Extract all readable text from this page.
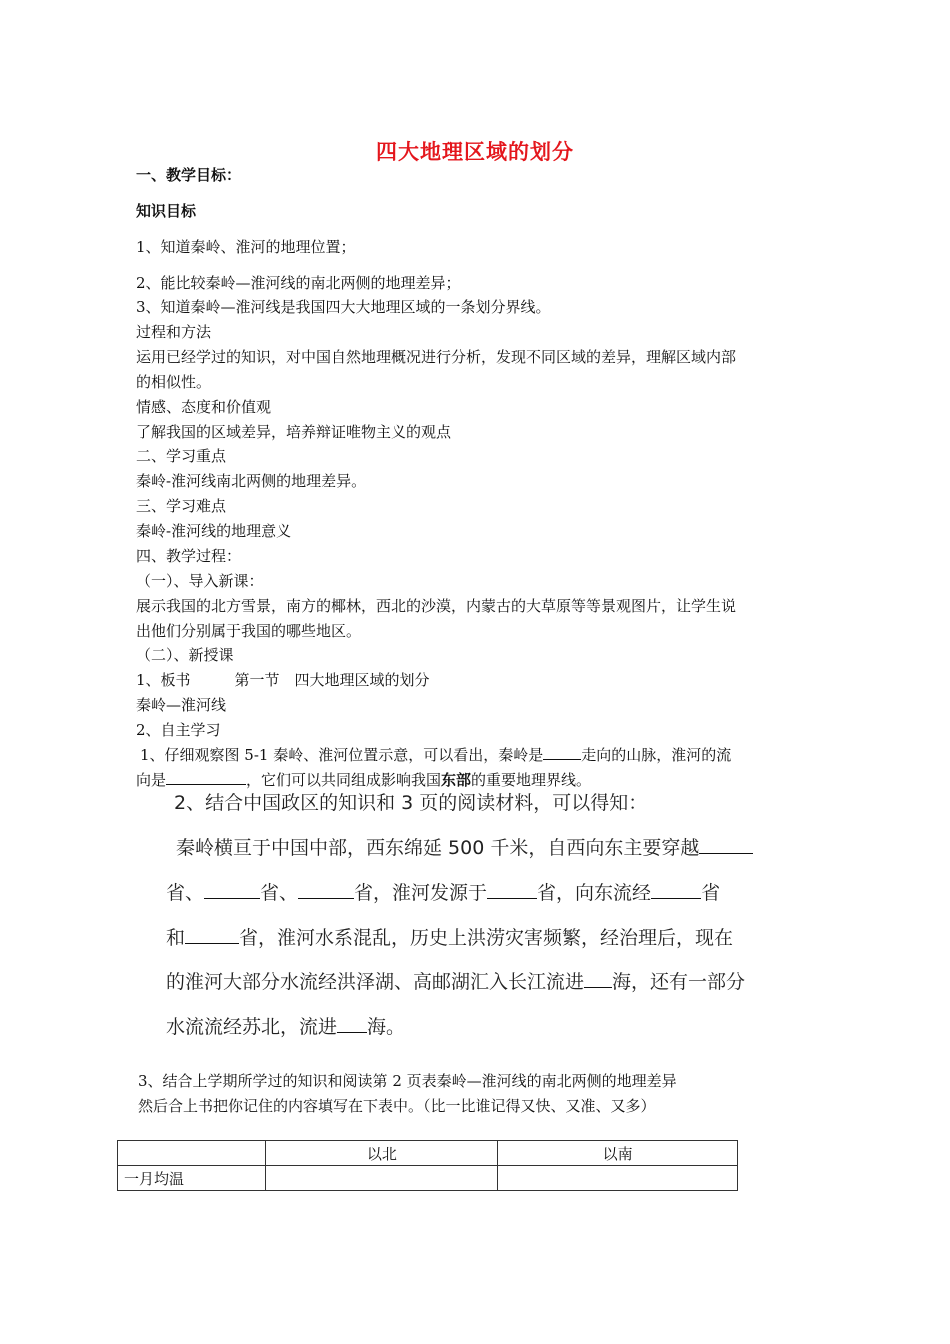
四大地理区域的划分
一、教学目标：
知识目标
1、知道秦岭、淮河的地理位置；
2、能比较秦岭—淮河线的南北两侧的地理差异；
3、知道秦岭—淮河线是我国四大大地理区域的一条划分界线。
过程和方法
运用已经学过的知识，对中国自然地理概况进行分析，发现不同区域的差异，理解区域内部
的相似性。
情感、态度和价值观
了解我国的区域差异，培养辩证唯物主义的观点
二、学习重点
秦岭-淮河线南北两侧的地理差异。
三、学习难点
秦岭-淮河线的地理意义
四、教学过程：
（一）、导入新课：
展示我国的北方雪景，南方的椰林，西北的沙漠，内蒙古的大草原等等景观图片，让学生说
出他们分别属于我国的哪些地区。
（二）、新授课
1、板书	第一节　四大地理区域的划分
秦岭—淮河线
2、自主学习
1、仔细观察图 5-1 秦岭、淮河位置示意，可以看出，秦岭是	走向的山脉，淮河的流
向是	，它们可以共同组成影响我国东部的重要地理界线。
2、结合中国政区的知识和 3 页的阅读材料，可以得知：
秦岭横亘于中国中部，西东绵延 500 千米，自西向东主要穿越
省、	省、	省，淮河发源于	省，向东流经	省
和	省，淮河水系混乱，历史上洪涝灾害频繁，经治理后，现在
的淮河大部分水流经洪泽湖、高邮湖汇入长江流进 海，还有一部分
水流流经苏北，流进 海。
3、结合上学期所学过的知识和阅读第 2 页表秦岭—淮河线的南北两侧的地理差异
然后合上书把你记住的内容填写在下表中。（比一比谁记得又快、又准、又多）
	以北	以南
一月均温		
